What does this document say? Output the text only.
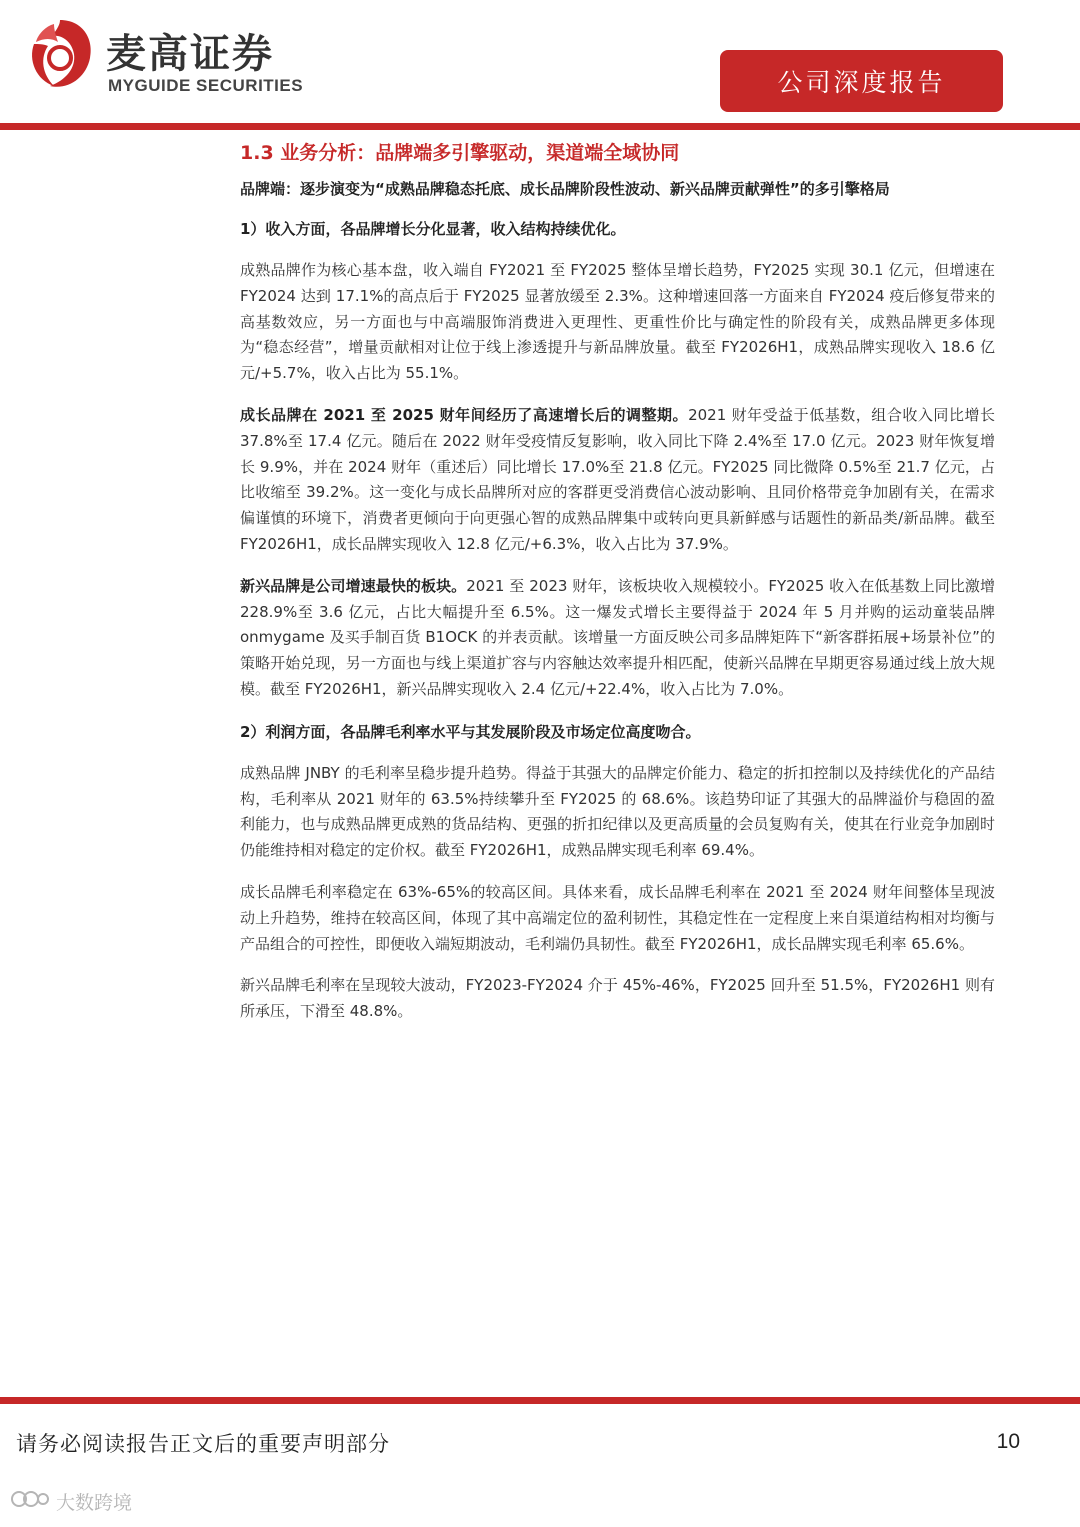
麦高证券
MYGUIDE SECURITIES	公司深度报告
1.3 业务分析：品牌端多引擎驱动，渠道端全域协同

品牌端：逐步演变为“成熟品牌稳态托底、成长品牌阶段性波动、新兴品牌贡献弹性”的多引擎格局

1）收入方面，各品牌增长分化显著，收入结构持续优化。

成熟品牌作为核心基本盘，收入端自 FY2021 至 FY2025 整体呈增长趋势，FY2025 实现 30.1 亿元，但增速在 FY2024 达到 17.1%的高点后于 FY2025 显著放缓至 2.3%。这种增速回落一方面来自 FY2024 疫后修复带来的高基数效应，另一方面也与中高端服饰消费进入更理性、更重性价比与确定性的阶段有关，成熟品牌更多体现为“稳态经营”，增量贡献相对让位于线上渗透提升与新品牌放量。截至 FY2026H1，成熟品牌实现收入 18.6 亿元/+5.7%，收入占比为 55.1%。

成长品牌在 2021 至 2025 财年间经历了高速增长后的调整期。2021 财年受益于低基数，组合收入同比增长 37.8%至 17.4 亿元。随后在 2022 财年受疫情反复影响，收入同比下降 2.4%至 17.0 亿元。2023 财年恢复增长 9.9%，并在 2024 财年（重述后）同比增长 17.0%至 21.8 亿元。FY2025 同比微降 0.5%至 21.7 亿元，占比收缩至 39.2%。这一变化与成长品牌所对应的客群更受消费信心波动影响、且同价格带竞争加剧有关，在需求偏谨慎的环境下，消费者更倾向于向更强心智的成熟品牌集中或转向更具新鲜感与话题性的新品类/新品牌。截至 FY2026H1，成长品牌实现收入 12.8 亿元/+6.3%，收入占比为 37.9%。

新兴品牌是公司增速最快的板块。2021 至 2023 财年，该板块收入规模较小。FY2025 收入在低基数上同比激增 228.9%至 3.6 亿元，占比大幅提升至 6.5%。这一爆发式增长主要得益于 2024 年 5 月并购的运动童装品牌 onmygame 及买手制百货 B1OCK 的并表贡献。该增量一方面反映公司多品牌矩阵下“新客群拓展+场景补位”的策略开始兑现，另一方面也与线上渠道扩容与内容触达效率提升相匹配，使新兴品牌在早期更容易通过线上放大规模。截至 FY2026H1，新兴品牌实现收入 2.4 亿元/+22.4%，收入占比为 7.0%。

2）利润方面，各品牌毛利率水平与其发展阶段及市场定位高度吻合。

成熟品牌 JNBY 的毛利率呈稳步提升趋势。得益于其强大的品牌定价能力、稳定的折扣控制以及持续优化的产品结构，毛利率从 2021 财年的 63.5%持续攀升至 FY2025 的 68.6%。该趋势印证了其强大的品牌溢价与稳固的盈利能力，也与成熟品牌更成熟的货品结构、更强的折扣纪律以及更高质量的会员复购有关，使其在行业竞争加剧时仍能维持相对稳定的定价权。截至 FY2026H1，成熟品牌实现毛利率 69.4%。

成长品牌毛利率稳定在 63%-65%的较高区间。具体来看，成长品牌毛利率在 2021 至 2024 财年间整体呈现波动上升趋势，维持在较高区间，体现了其中高端定位的盈利韧性，其稳定性在一定程度上来自渠道结构相对均衡与产品组合的可控性，即便收入端短期波动，毛利端仍具韧性。截至 FY2026H1，成长品牌实现毛利率 65.6%。

新兴品牌毛利率在呈现较大波动，FY2023-FY2024 介于 45%-46%，FY2025 回升至 51.5%，FY2026H1 则有所承压，下滑至 48.8%。

请务必阅读报告正文后的重要声明部分	10
大数跨境
